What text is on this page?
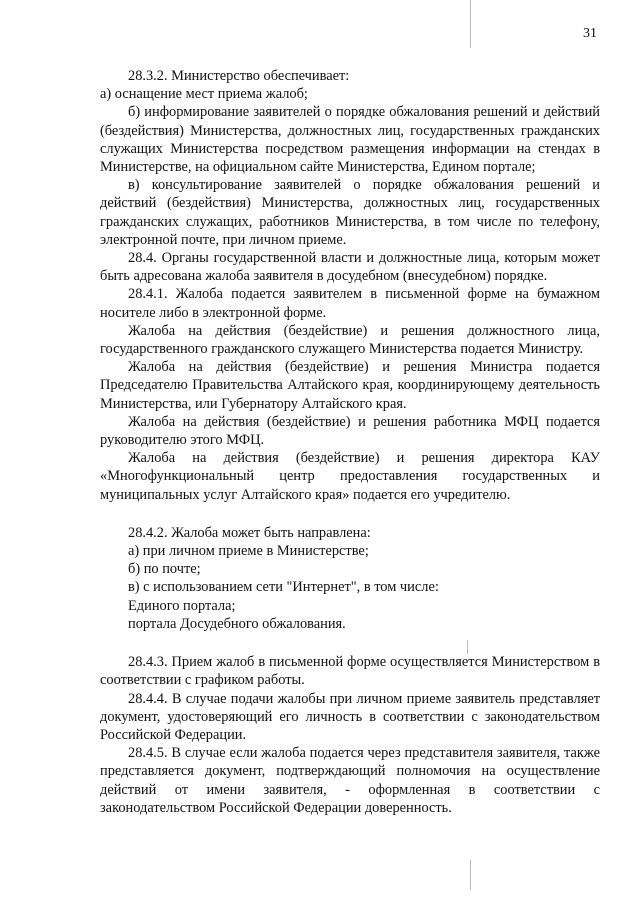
31

28.3.2. Министерство обеспечивает:

а) оснащение мест приема жалоб;

б) информирование заявителей о порядке обжалования решений и действий (бездействия) Министерства, должностных лиц, государственных гражданских служащих Министерства посредством размещения информации на стендах в Министерстве, на официальном сайте Министерства, Едином портале;

в) консультирование заявителей о порядке обжалования решений и действий (бездействия) Министерства, должностных лиц, государственных гражданских служащих, работников Министерства, в том числе по телефону, электронной почте, при личном приеме.

28.4. Органы государственной власти и должностные лица, которым может быть адресована жалоба заявителя в досудебном (внесудебном) порядке.

28.4.1. Жалоба подается заявителем в письменной форме на бумажном носителе либо в электронной форме.

Жалоба на действия (бездействие) и решения должностного лица, государственного гражданского служащего Министерства подается Министру.

Жалоба на действия (бездействие) и решения Министра подается Председателю Правительства Алтайского края, координирующему деятельность Министерства, или Губернатору Алтайского края.

Жалоба на действия (бездействие) и решения работника МФЦ подается руководителю этого МФЦ.

Жалоба на действия (бездействие) и решения директора КАУ «Многофункциональный центр предоставления государственных и муниципальных услуг Алтайского края» подается его учредителю.

28.4.2. Жалоба может быть направлена:

а) при личном приеме в Министерстве;

б) по почте;

в) с использованием сети "Интернет", в том числе:

Единого портала;

портала Досудебного обжалования.

28.4.3. Прием жалоб в письменной форме осуществляется Министерством в соответствии с графиком работы.

28.4.4. В случае подачи жалобы при личном приеме заявитель представляет документ, удостоверяющий его личность в соответствии с законодательством Российской Федерации.

28.4.5. В случае если жалоба подается через представителя заявителя, также представляется документ, подтверждающий полномочия на осуществление действий от имени заявителя, - оформленная в соответствии с законодательством Российской Федерации доверенность.
